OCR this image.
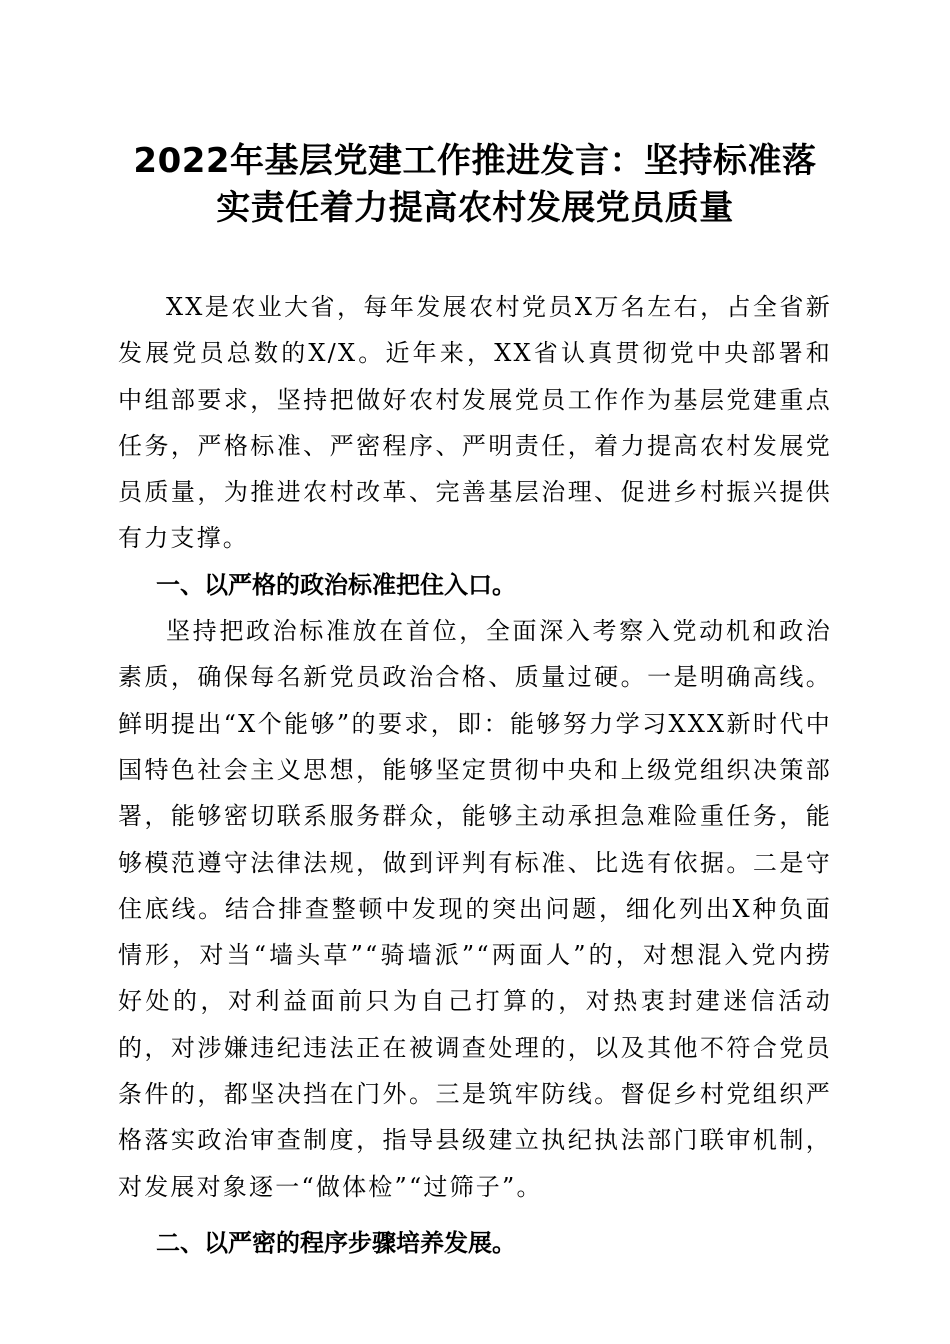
2022年基层党建工作推进发言：坚持标准落
实责任着力提高农村发展党员质量

XX是农业大省，每年发展农村党员X万名左右，占全省新发展党员总数的X/X。近年来，XX省认真贯彻党中央部署和中组部要求，坚持把做好农村发展党员工作作为基层党建重点任务，严格标准、严密程序、严明责任，着力提高农村发展党员质量，为推进农村改革、完善基层治理、促进乡村振兴提供有力支撑。

一、以严格的政治标准把住入口。

坚持把政治标准放在首位，全面深入考察入党动机和政治素质，确保每名新党员政治合格、质量过硬。一是明确高线。鲜明提出“X个能够”的要求，即：能够努力学习XXX新时代中国特色社会主义思想，能够坚定贯彻中央和上级党组织决策部署，能够密切联系服务群众，能够主动承担急难险重任务，能够模范遵守法律法规，做到评判有标准、比选有依据。二是守住底线。结合排查整顿中发现的突出问题，细化列出X种负面情形，对当“墙头草”“骑墙派”“两面人”的，对想混入党内捞好处的，对利益面前只为自己打算的，对热衷封建迷信活动的，对涉嫌违纪违法正在被调查处理的，以及其他不符合党员条件的，都坚决挡在门外。三是筑牢防线。督促乡村党组织严格落实政治审查制度，指导县级建立执纪执法部门联审机制，对发展对象逐一“做体检”“过筛子”。

二、以严密的程序步骤培养发展。
